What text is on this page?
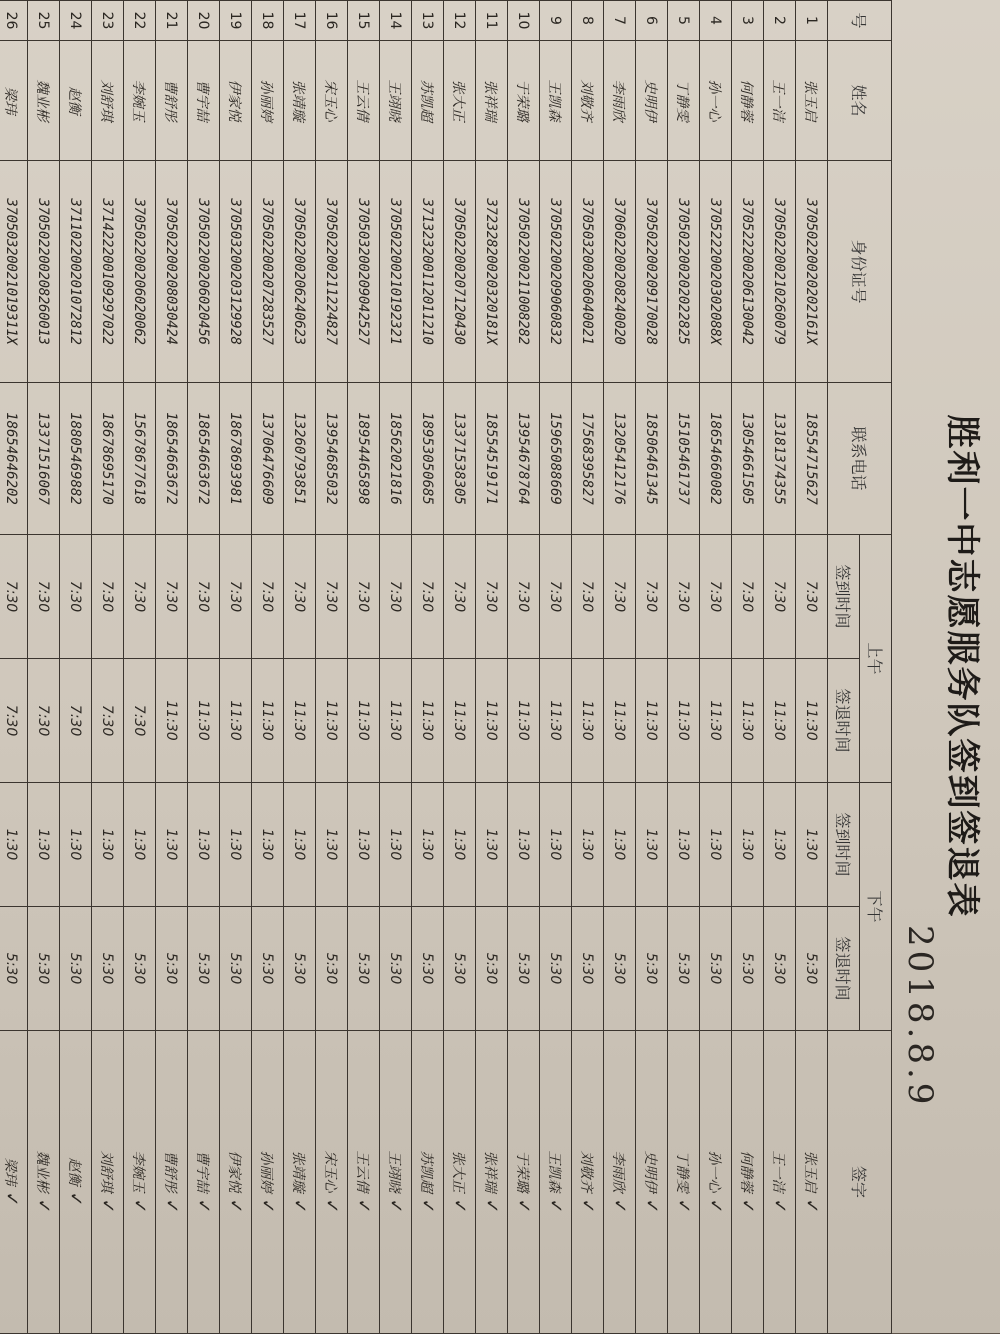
胜利一中志愿服务队签到签退表
2018.8.9
号	姓名	身份证号	联系电话	上午		下午		签字
				签到时间	签退时间	签到时间	签退时间	
1	张玉启	37050220020202161X	18554715627	7:30	11:30	1:30	5:30	张玉启✓
2	王一洁	370502200210260079	13181374355	7:30	11:30	1:30	5:30	王一洁✓
3	何静蓉	370522200206130042	13054661505	7:30	11:30	1:30	5:30	何静蓉✓
4	孙一心	37052220020302088X	18654660082	7:30	11:30	1:30	5:30	孙一心✓
5	丁静雯	370502200202022825	15105461737	7:30	11:30	1:30	5:30	丁静雯✓
6	史明伊	370502200209170028	18506461345	7:30	11:30	1:30	5:30	史明伊✓
7	李雨欣	370602200208240020	13205412176	7:30	11:30	1:30	5:30	李雨欣✓
8	刘敬齐	370503200206040021	17568395827	7:30	11:30	1:30	5:30	刘敬齐✓
9	王凯森	370502200209060832	15965088669	7:30	11:30	1:30	5:30	王凯森✓
10	于荣璐	370502200211008282	13954678764	7:30	11:30	1:30	5:30	于荣璐✓
11	张祥瑞	37232820020320181X	18554519171	7:30	11:30	1:30	5:30	张祥瑞✓
12	张大正	370502200207120430	13371538305	7:30	11:30	1:30	5:30	张大正✓
13	苏凯超	371323200112011210	18953050685	7:30	11:30	1:30	5:30	苏凯超✓
14	王翊晓	370502200210192321	18562021816	7:30	11:30	1:30	5:30	王翊晓✓
15	王云倩	370503200209042527	18954465898	7:30	11:30	1:30	5:30	王云倩✓
16	宋玉心	370502200211224827	13954685032	7:30	11:30	1:30	5:30	宋玉心✓
17	张靖璇	370502200206240623	13260793851	7:30	11:30	1:30	5:30	张靖璇✓
18	孙丽婷	370502200207283527	13706476609	7:30	11:30	1:30	5:30	孙丽婷✓
19	伊家悦	370503200203129928	18678693981	7:30	11:30	1:30	5:30	伊家悦✓
20	曹宇喆	370502200206020456	18654663672	7:30	11:30	1:30	5:30	曹宇喆✓
21	曹舒彤	370502200208030424	18654663672	7:30	11:30	1:30	5:30	曹舒彤✓
22	李婉玉	370502200206020062	15678677618	7:30	7:30	1:30	5:30	李婉玉✓
23	刘舒琪	371422200109297022	18678695170	7:30	7:30	1:30	5:30	刘舒琪✓
24	赵衡	371102200201072812	18805469882	7:30	7:30	1:30	5:30	赵衡✓
25	魏业彬	370502200208260013	13371516067	7:30	7:30	1:30	5:30	魏业彬✓
26	梁玮	37050320021019311X	18654646202	7:30	7:30	1:30	5:30	梁玮✓
